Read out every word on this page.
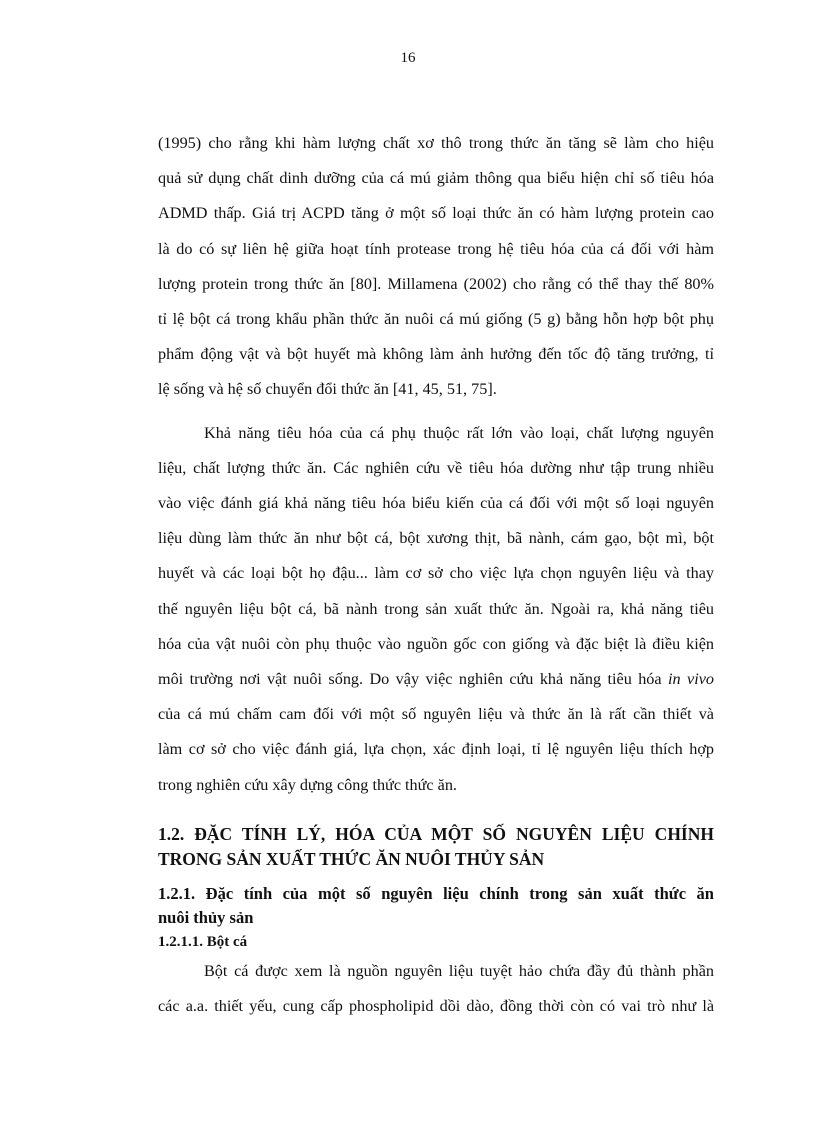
16

(1995) cho rằng khi hàm lượng chất xơ thô trong thức ăn tăng sẽ làm cho hiệu
quả sử dụng chất dinh dưỡng của cá mú giảm thông qua biểu hiện chỉ số tiêu hóa
ADMD thấp. Giá trị ACPD tăng ở một số loại thức ăn có hàm lượng protein cao
là do có sự liên hệ giữa hoạt tính protease trong hệ tiêu hóa của cá đối với hàm
lượng protein trong thức ăn [80]. Millamena (2002) cho rằng có thể thay thế 80%
tỉ lệ bột cá trong khẩu phần thức ăn nuôi cá mú giống (5 g) bằng hỗn hợp bột phụ
phẩm động vật và bột huyết mà không làm ảnh hưởng đến tốc độ tăng trưởng, tỉ
lệ sống và hệ số chuyển đổi thức ăn [41, 45, 51, 75].

Khả năng tiêu hóa của cá phụ thuộc rất lớn vào loại, chất lượng nguyên
liệu, chất lượng thức ăn. Các nghiên cứu về tiêu hóa dường như tập trung nhiều
vào việc đánh giá khả năng tiêu hóa biểu kiến của cá đối với một số loại nguyên
liệu dùng làm thức ăn như bột cá, bột xương thịt, bã nành, cám gạo, bột mì, bột
huyết và các loại bột họ đậu... làm cơ sở cho việc lựa chọn nguyên liệu và thay
thế nguyên liệu bột cá, bã nành trong sản xuất thức ăn. Ngoài ra, khả năng tiêu
hóa của vật nuôi còn phụ thuộc vào nguồn gốc con giống và đặc biệt là điều kiện
môi trường nơi vật nuôi sống. Do vậy việc nghiên cứu khả năng tiêu hóa in vivo
của cá mú chấm cam đối với một số nguyên liệu và thức ăn là rất cần thiết và
làm cơ sở cho việc đánh giá, lựa chọn, xác định loại, tỉ lệ nguyên liệu thích hợp
trong nghiên cứu xây dựng công thức thức ăn.

1.2. ĐẶC TÍNH LÝ, HÓA CỦA MỘT SỐ NGUYÊN LIỆU CHÍNH
TRONG SẢN XUẤT THỨC ĂN NUÔI THỦY SẢN
1.2.1. Đặc tính của một số nguyên liệu chính trong sản xuất thức ăn
nuôi thủy sản
1.2.1.1. Bột cá

Bột cá được xem là nguồn nguyên liệu tuyệt hảo chứa đầy đủ thành phần
các a.a. thiết yếu, cung cấp phospholipid dồi dào, đồng thời còn có vai trò như là
